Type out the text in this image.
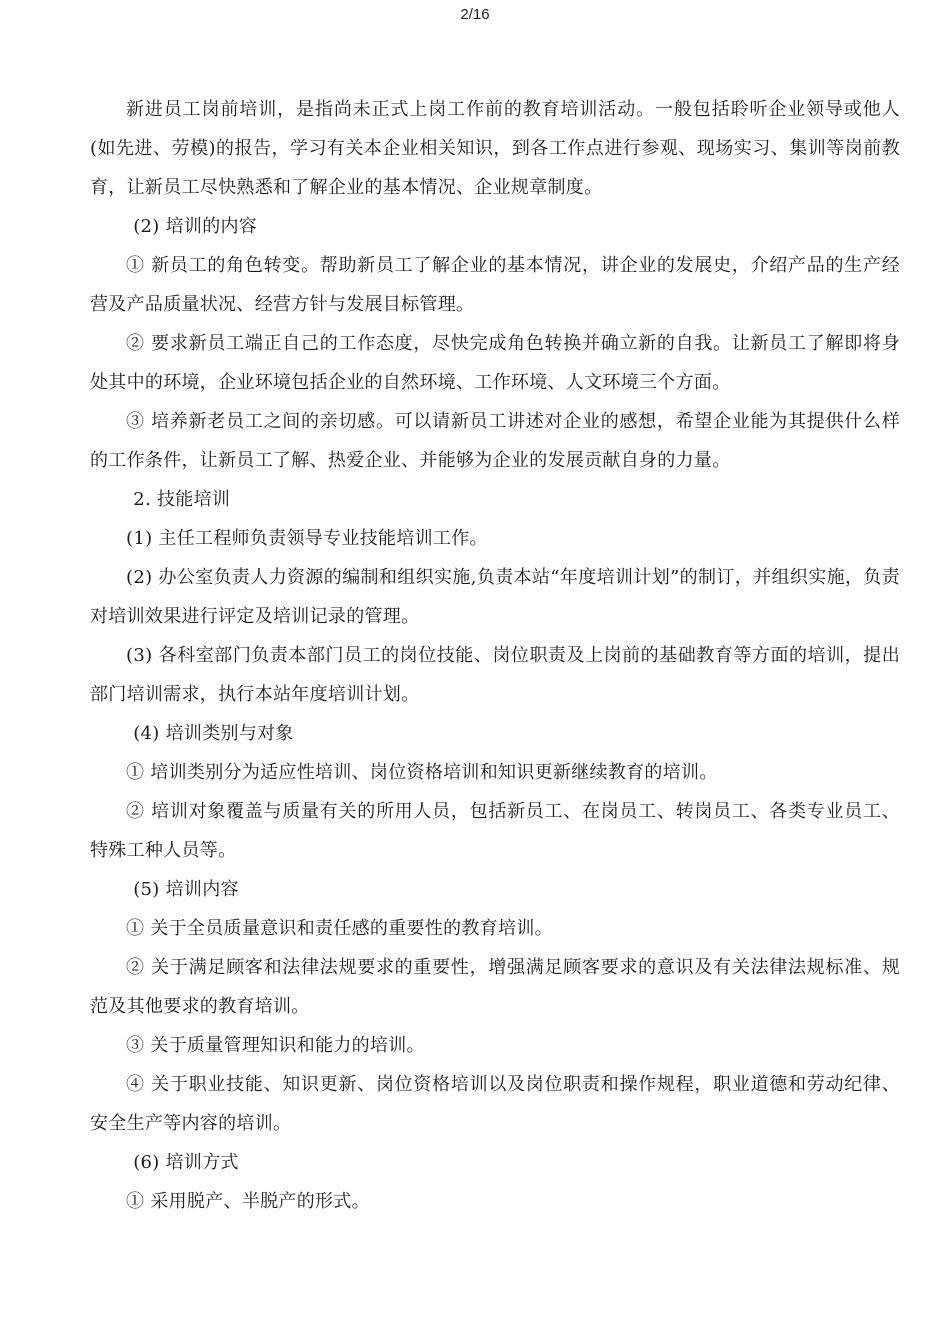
2/16

新进员工岗前培训，是指尚未正式上岗工作前的教育培训活动。一般包括聆听企业领导或他人(如先进、劳模)的报告，学习有关本企业相关知识，到各工作点进行参观、现场实习、集训等岗前教育，让新员工尽快熟悉和了解企业的基本情况、企业规章制度。

(2) 培训的内容

① 新员工的角色转变。帮助新员工了解企业的基本情况，讲企业的发展史，介绍产品的生产经营及产品质量状况、经营方针与发展目标管理。

② 要求新员工端正自己的工作态度，尽快完成角色转换并确立新的自我。让新员工了解即将身处其中的环境，企业环境包括企业的自然环境、工作环境、人文环境三个方面。

③ 培养新老员工之间的亲切感。可以请新员工讲述对企业的感想，希望企业能为其提供什么样的工作条件，让新员工了解、热爱企业、并能够为企业的发展贡献自身的力量。

2. 技能培训

(1) 主任工程师负责领导专业技能培训工作。

(2) 办公室负责人力资源的编制和组织实施,负责本站“年度培训计划”的制订，并组织实施，负责对培训效果进行评定及培训记录的管理。

(3) 各科室部门负责本部门员工的岗位技能、岗位职责及上岗前的基础教育等方面的培训，提出部门培训需求，执行本站年度培训计划。

(4) 培训类别与对象

① 培训类别分为适应性培训、岗位资格培训和知识更新继续教育的培训。

② 培训对象覆盖与质量有关的所用人员，包括新员工、在岗员工、转岗员工、各类专业员工、特殊工种人员等。

(5) 培训内容

① 关于全员质量意识和责任感的重要性的教育培训。

② 关于满足顾客和法律法规要求的重要性，增强满足顾客要求的意识及有关法律法规标准、规范及其他要求的教育培训。

③ 关于质量管理知识和能力的培训。

④ 关于职业技能、知识更新、岗位资格培训以及岗位职责和操作规程，职业道德和劳动纪律、安全生产等内容的培训。

(6) 培训方式

① 采用脱产、半脱产的形式。
